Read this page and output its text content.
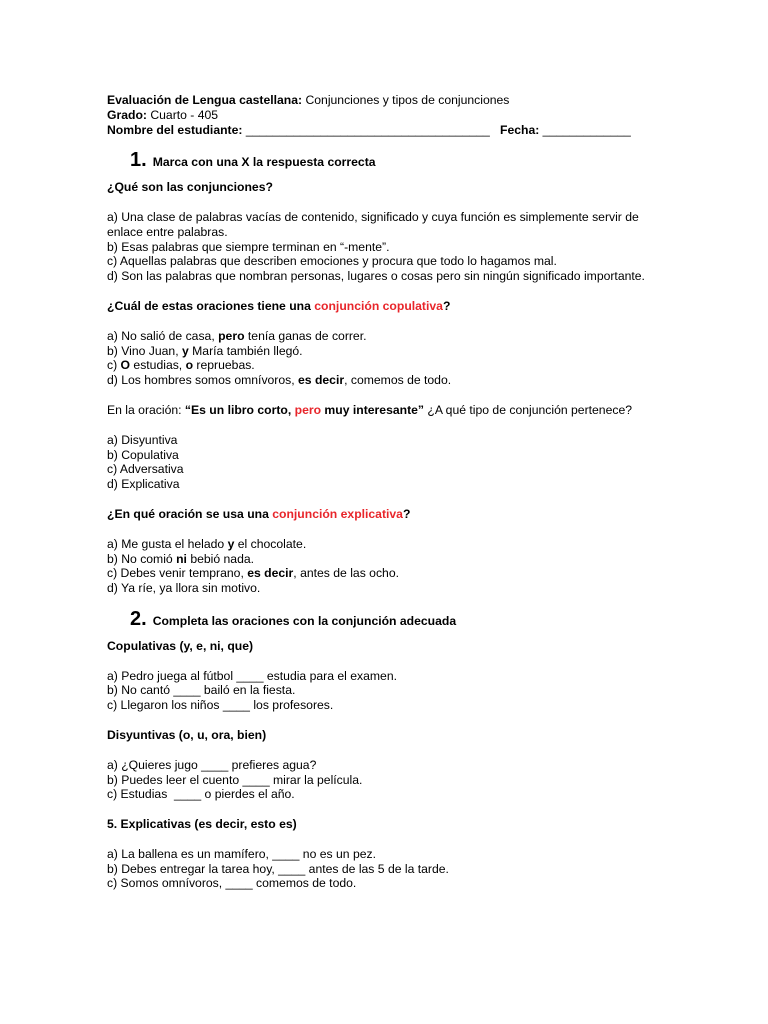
Evaluación de Lengua castellana: Conjunciones y tipos de conjunciones
Grado: Cuarto - 405
Nombre del estudiante: ____________________________________   Fecha: _____________
1. Marca con una X la respuesta correcta
¿Qué son las conjunciones?
a) Una clase de palabras vacías de contenido, significado y cuya función es simplemente servir de
enlace entre palabras.
b) Esas palabras que siempre terminan en “-mente”.
c) Aquellas palabras que describen emociones y procura que todo lo hagamos mal.
d) Son las palabras que nombran personas, lugares o cosas pero sin ningún significado importante.
¿Cuál de estas oraciones tiene una conjunción copulativa?
a) No salió de casa, pero tenía ganas de correr.
b) Vino Juan, y María también llegó.
c) O estudias, o repruebas.
d) Los hombres somos omnívoros, es decir, comemos de todo.
En la oración: “Es un libro corto, pero muy interesante” ¿A qué tipo de conjunción pertenece?
a) Disyuntiva
b) Copulativa
c) Adversativa
d) Explicativa
¿En qué oración se usa una conjunción explicativa?
a) Me gusta el helado y el chocolate.
b) No comió ni bebió nada.
c) Debes venir temprano, es decir, antes de las ocho.
d) Ya ríe, ya llora sin motivo.
2. Completa las oraciones con la conjunción adecuada
Copulativas (y, e, ni, que)
a) Pedro juega al fútbol ____ estudia para el examen.
b) No cantó ____ bailó en la fiesta.
c) Llegaron los niños ____ los profesores.
Disyuntivas (o, u, ora, bien)
a) ¿Quieres jugo ____ prefieres agua?
b) Puedes leer el cuento ____ mirar la película.
c) Estudias  ____ o pierdes el año.
5. Explicativas (es decir, esto es)
a) La ballena es un mamífero, ____ no es un pez.
b) Debes entregar la tarea hoy, ____ antes de las 5 de la tarde.
c) Somos omnívoros, ____ comemos de todo.
